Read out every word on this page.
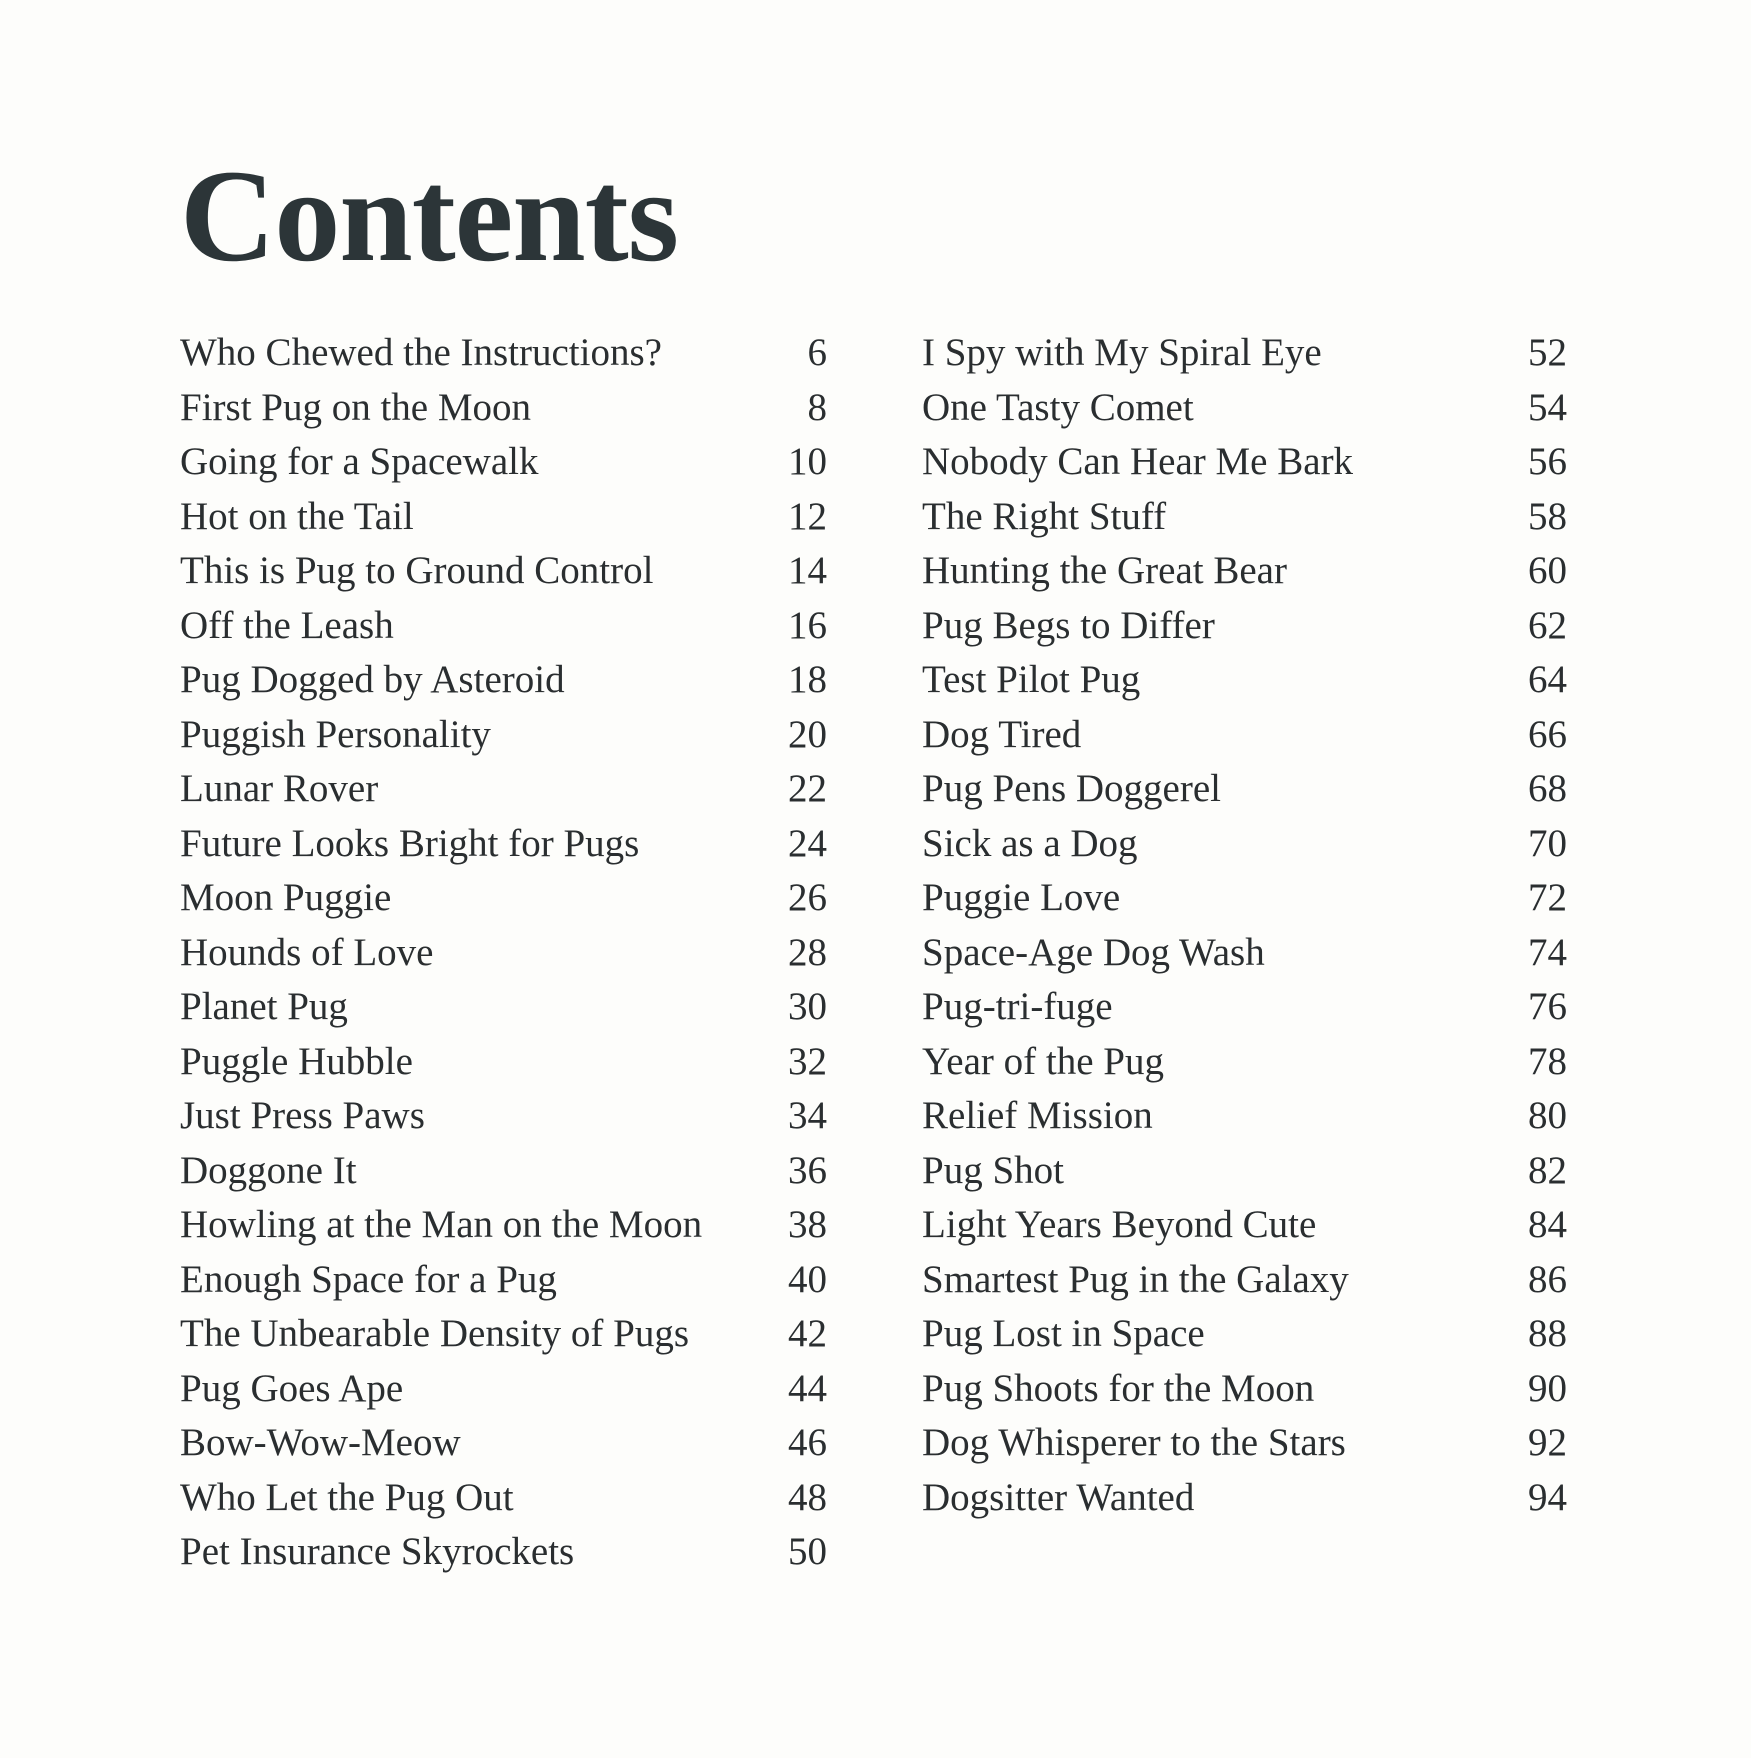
Contents
Who Chewed the Instructions?	6
First Pug on the Moon	8
Going for a Spacewalk	10
Hot on the Tail	12
This is Pug to Ground Control	14
Off the Leash	16
Pug Dogged by Asteroid	18
Puggish Personality	20
Lunar Rover	22
Future Looks Bright for Pugs	24
Moon Puggie	26
Hounds of Love	28
Planet Pug	30
Puggle Hubble	32
Just Press Paws	34
Doggone It	36
Howling at the Man on the Moon 38
Enough Space for a Pug	40
The Unbearable Density of Pugs	42
Pug Goes Ape	44
Bow-Wow-Meow	46
Who Let the Pug Out	48
Pet Insurance Skyrockets	50
I Spy with My Spiral Eye	52
One Tasty Comet	54
Nobody Can Hear Me Bark	56
The Right Stuff	58
Hunting the Great Bear	60
Pug Begs to Differ	62
Test Pilot Pug	64
Dog Tired	66
Pug Pens Doggerel	68
Sick as a Dog	70
Puggie Love	72
Space-Age Dog Wash	74
Pug-tri-fuge	76
Year of the Pug	78
Relief Mission	80
Pug Shot	82
Light Years Beyond Cute	84
Smartest Pug in the Galaxy	86
Pug Lost in Space	88
Pug Shoots for the Moon	90
Dog Whisperer to the Stars	92
Dogsitter Wanted	94
